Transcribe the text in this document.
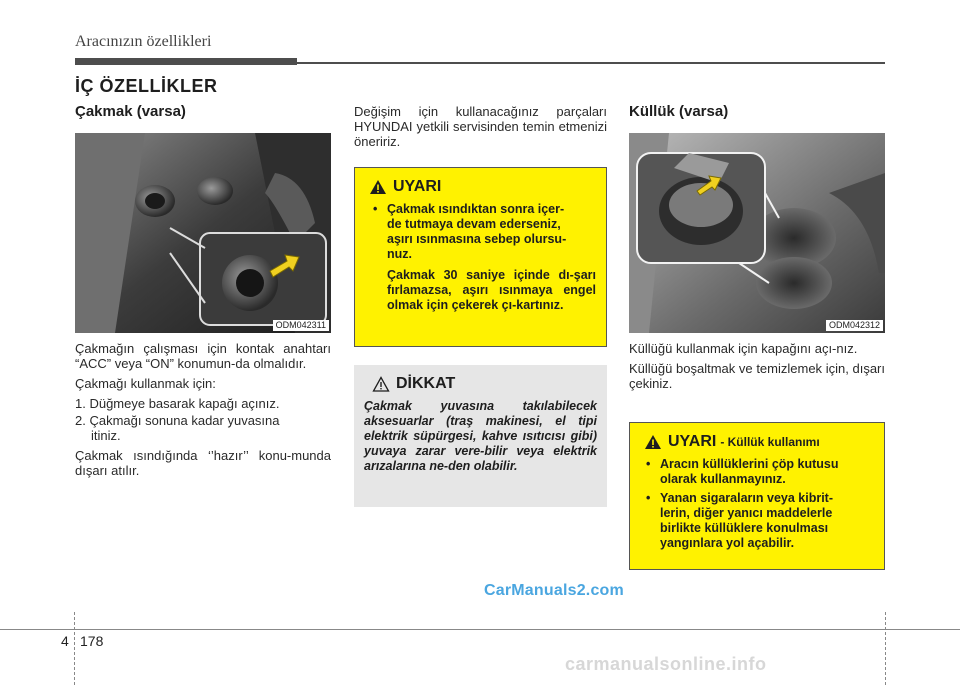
Aracınızın özellikleri
İÇ ÖZELLİKLER
Çakmak (varsa)
ODM042311
Çakmağın çalışması için kontak anahtarı “ACC” veya “ON” konumun-da olmalıdır.
Çakmağı kullanmak için:
1. Düğmeye basarak kapağı açınız.
2. Çakmağı sonuna kadar yuvasına
itiniz.
Çakmak ısındığında ‘’hazır’’ konu-munda dışarı atılır.
Değişim için kullanacağınız parçaları HYUNDAI yetkili servisinden temin etmenizi öneririz.
UYARI
• Çakmak ısındıktan sonra içer-
de tutmaya devam ederseniz,
aşırı ısınmasına sebep olursu-
nuz.
Çakmak 30 saniye içinde dı-şarı fırlamazsa, aşırı ısınmaya engel olmak için çekerek çı-kartınız.
DİKKAT
Çakmak yuvasına takılabilecek aksesuarlar (traş makinesi, el tipi elektrik süpürgesi, kahve ısıtıcısı gibi) yuvaya zarar vere-bilir veya elektrik arızalarına ne-den olabilir.
Küllük (varsa)
ODM042312
Küllüğü kullanmak için kapağını açı-nız.
Küllüğü boşaltmak ve temizlemek için, dışarı çekiniz.
UYARI - Küllük kullanımı
• Aracın küllüklerini çöp kutusu
olarak kullanmayınız.
• Yanan sigaraların veya kibrit-
lerin, diğer yanıcı maddelerle
birlikte küllüklere konulması
yangınlara yol açabilir.
CarManuals2.com
carmanualsonline.info
4 178
